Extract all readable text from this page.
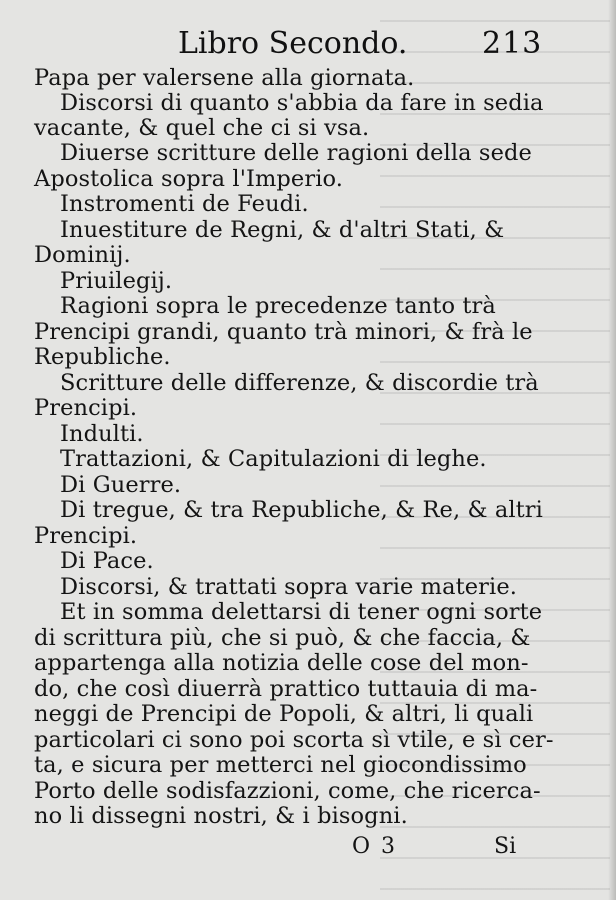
Libro Secondo. 213
Papa per valersene alla giornata.
Discorsi di quanto s'abbia da fare in sedia
vacante, & quel che ci si vsa.
Diuerse scritture delle ragioni della sede
Apostolica sopra l'Imperio.
Instromenti de Feudi.
Inuestiture de Regni, & d'altri Stati, &
Dominij.
Priuilegij.
Ragioni sopra le precedenze tanto trà
Prencipi grandi, quanto trà minori, & frà le
Republiche.
Scritture delle differenze, & discordie trà
Prencipi.
Indulti.
Trattazioni, & Capitulazioni di leghe.
Di Guerre.
Di tregue, & tra Republiche, & Re, & altri
Prencipi.
Di Pace.
Discorsi, & trattati sopra varie materie.
Et in somma delettarsi di tener ogni sorte
di scrittura più, che si può, & che faccia, &
appartenga alla notizia delle cose del mon-
do, che così diuerrà prattico tuttauia di ma-
neggi de Prencipi de Popoli, & altri, li quali
particolari ci sono poi scorta sì vtile, e sì cer-
ta, e sicura per metterci nel giocondissimo
Porto delle sodisfazzioni, come, che ricerca-
no li dissegni nostri, & i bisogni.
O 3	Si
